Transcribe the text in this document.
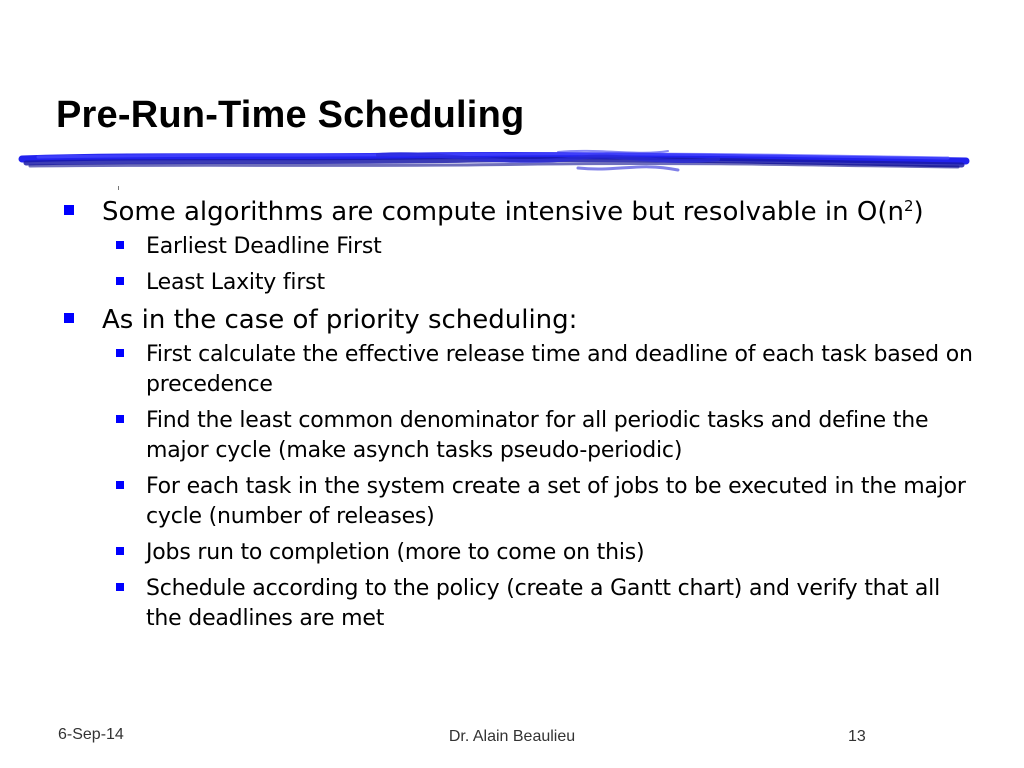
Pre-Run-Time Scheduling
Some algorithms are compute intensive but resolvable in $O(n^2)$
Earliest Deadline First
Least Laxity first
As in the case of priority scheduling:
First calculate the effective release time and deadline of each task based on precedence
Find the least common denominator for all periodic tasks and define the major cycle (make asynch tasks pseudo-periodic)
For each task in the system create a set of jobs to be executed in the major cycle (number of releases)
Jobs run to completion (more to come on this)
Schedule according to the policy (create a Gantt chart) and verify that all the deadlines are met
6-Sep-14	Dr. Alain Beaulieu	13
